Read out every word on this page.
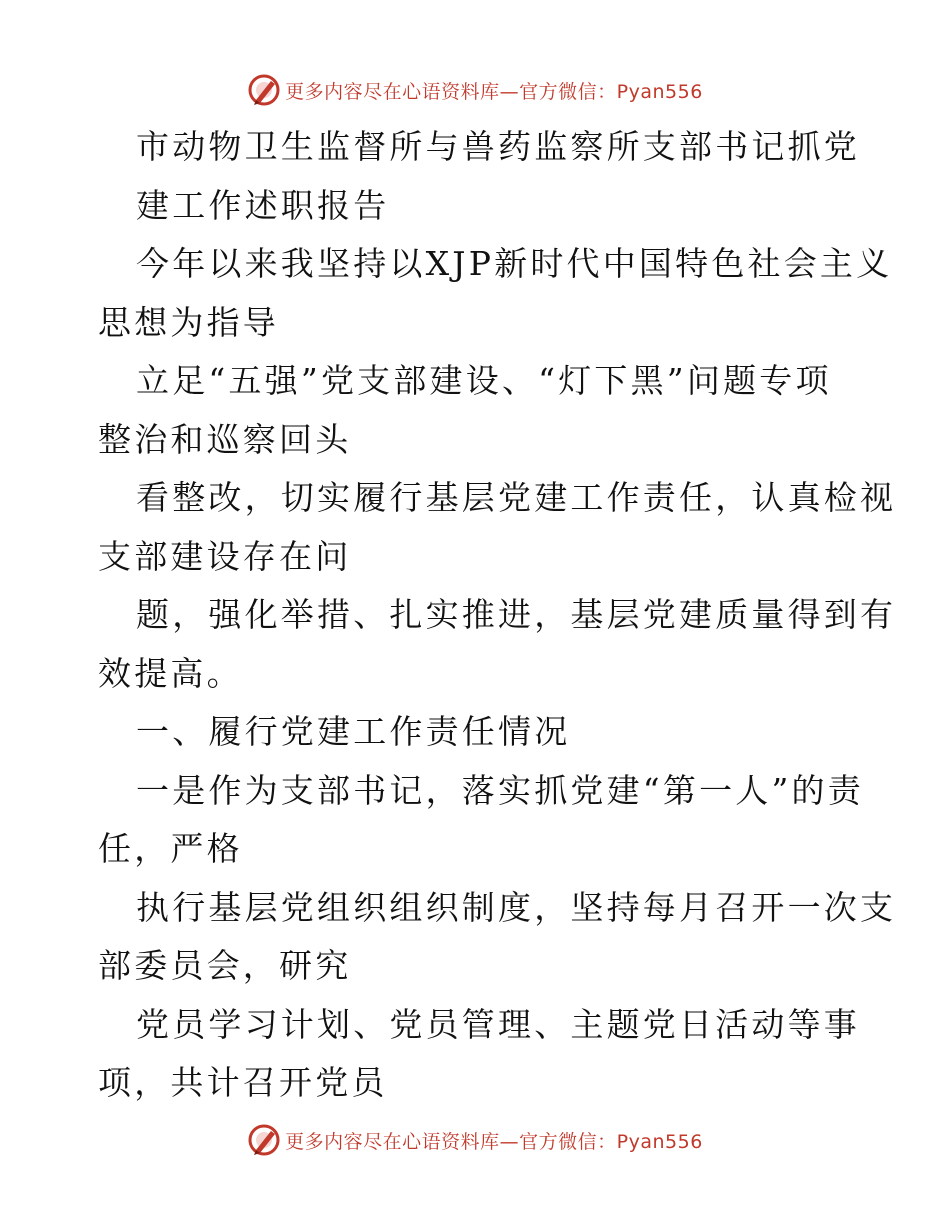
更多内容尽在心语资料库—官方微信：Pyan556
市动物卫生监督所与兽药监察所支部书记抓党
建工作述职报告
今年以来我坚持以XJP新时代中国特色社会主义
思想为指导
立足“五强”党支部建设、“灯下黑”问题专项
整治和巡察回头
看整改，切实履行基层党建工作责任，认真检视
支部建设存在问
题，强化举措、扎实推进，基层党建质量得到有
效提高。
一、履行党建工作责任情况
一是作为支部书记，落实抓党建“第一人”的责
任，严格
执行基层党组织组织制度，坚持每月召开一次支
部委员会，研究
党员学习计划、党员管理、主题党日活动等事
项，共计召开党员
更多内容尽在心语资料库—官方微信：Pyan556
